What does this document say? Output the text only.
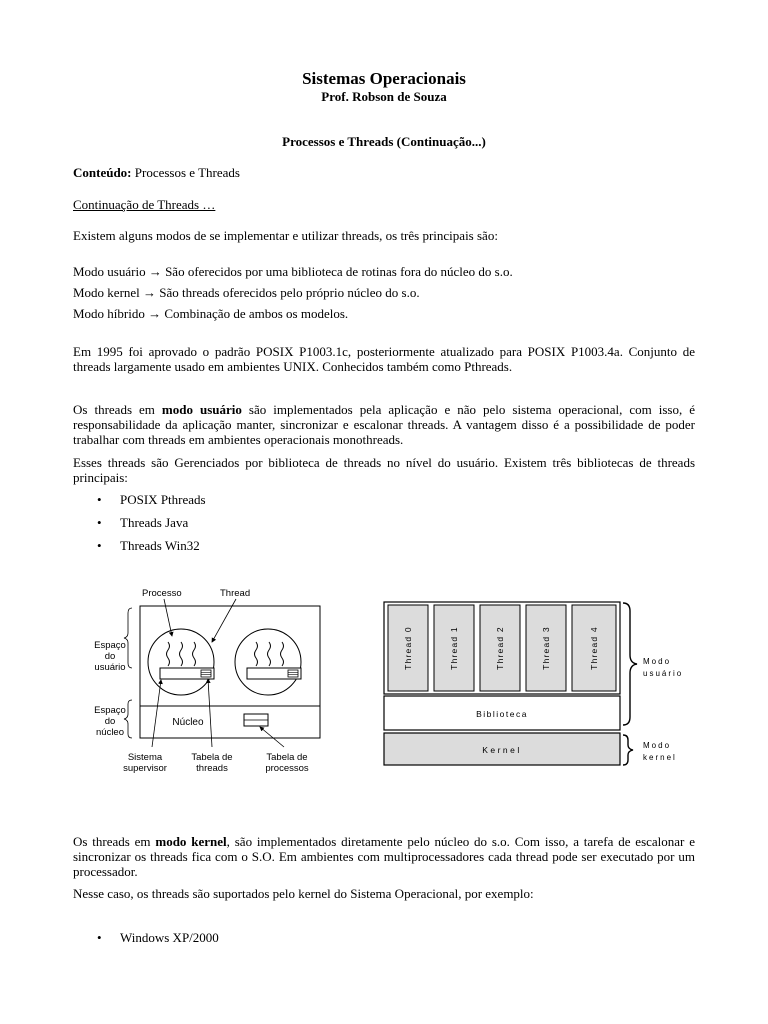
Sistemas Operacionais
Prof. Robson de Souza
Processos e Threads (Continuação...)
Conteúdo: Processos e Threads
Continuação de Threads …
Existem alguns modos de se implementar e utilizar threads, os três principais são:
Modo usuário → São oferecidos por uma biblioteca de rotinas fora do núcleo do s.o.
Modo kernel → São threads oferecidos pelo próprio núcleo do s.o.
Modo híbrido → Combinação de ambos os modelos.
Em 1995 foi aprovado o padrão POSIX P1003.1c, posteriormente atualizado para POSIX P1003.4a. Conjunto de threads largamente usado em ambientes UNIX. Conhecidos também como Pthreads.
Os threads em modo usuário são implementados pela aplicação e não pelo sistema operacional, com isso, é responsabilidade da aplicação manter, sincronizar e escalonar threads. A vantagem disso é a possibilidade de poder trabalhar com threads em ambientes operacionais monothreads.
Esses threads são Gerenciados por biblioteca de threads no nível do usuário. Existem três bibliotecas de threads principais:
• POSIX Pthreads
• Threads Java
• Threads Win32
Os threads em modo kernel, são implementados diretamente pelo núcleo do s.o. Com isso, a tarefa de escalonar e sincronizar os threads fica com o S.O. Em ambientes com multiprocessadores cada thread pode ser executado por um processador.
Nesse caso, os threads são suportados pelo kernel do Sistema Operacional, por exemplo:
• Windows XP/2000
Processo	Thread
Espaço
do
usuário
Espaço
do
núcleo
Núcleo
Sistema
supervisor
Tabela de
threads
Tabela de
processos
Thread 0	Thread 1	Thread 2	Thread 3	Thread 4
Biblioteca
Kernel
Modo
usuário
Modo
kernel
